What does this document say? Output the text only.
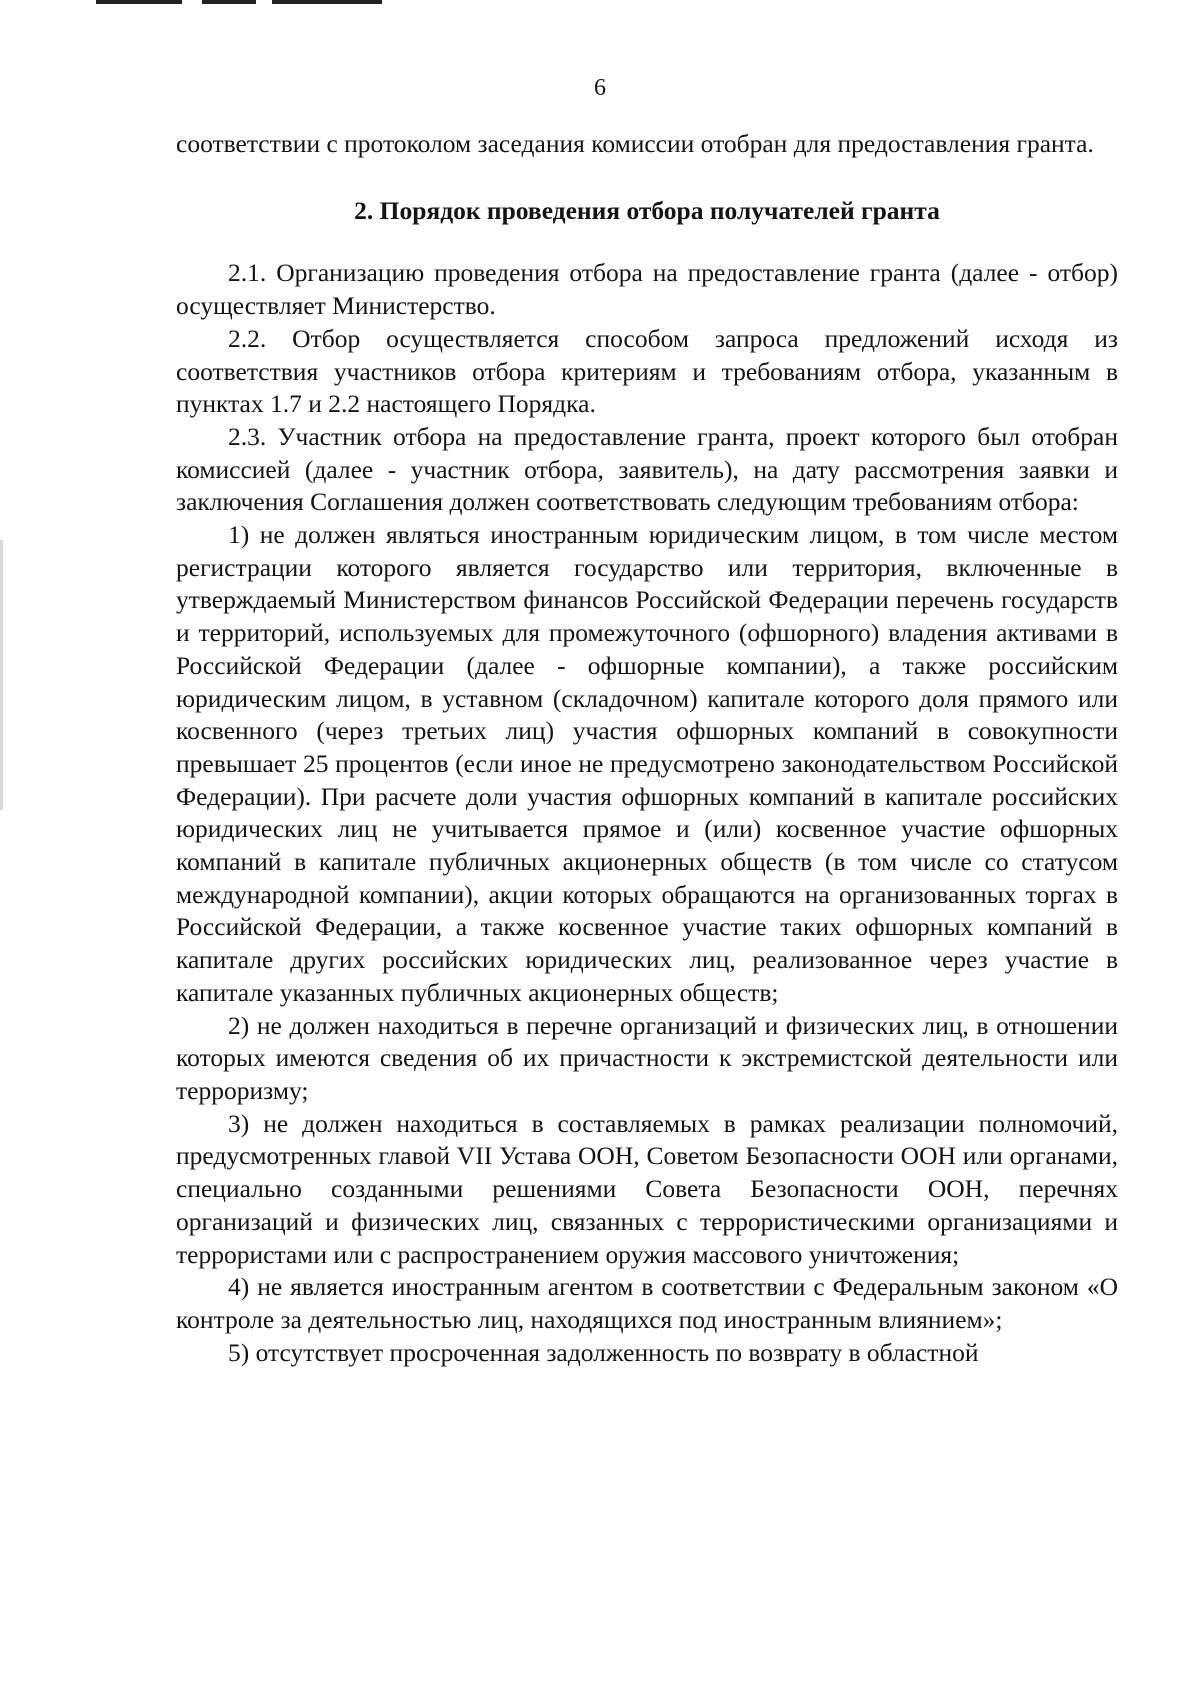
6

соответствии с протоколом заседания комиссии отобран для предоставления гранта.

2. Порядок проведения отбора получателей гранта

2.1. Организацию проведения отбора на предоставление гранта (далее - отбор) осуществляет Министерство.

2.2. Отбор осуществляется способом запроса предложений исходя из соответствия участников отбора критериям и требованиям отбора, указанным в пунктах 1.7 и 2.2 настоящего Порядка.

2.3. Участник отбора на предоставление гранта, проект которого был отобран комиссией (далее - участник отбора, заявитель), на дату рассмотрения заявки и заключения Соглашения должен соответствовать следующим требованиям отбора:

1) не должен являться иностранным юридическим лицом, в том числе местом регистрации которого является государство или территория, включенные в утверждаемый Министерством финансов Российской Федерации перечень государств и территорий, используемых для промежуточного (офшорного) владения активами в Российской Федерации (далее - офшорные компании), а также российским юридическим лицом, в уставном (складочном) капитале которого доля прямого или косвенного (через третьих лиц) участия офшорных компаний в совокупности превышает 25 процентов (если иное не предусмотрено законодательством Российской Федерации). При расчете доли участия офшорных компаний в капитале российских юридических лиц не учитывается прямое и (или) косвенное участие офшорных компаний в капитале публичных акционерных обществ (в том числе со статусом международной компании), акции которых обращаются на организованных торгах в Российской Федерации, а также косвенное участие таких офшорных компаний в капитале других российских юридических лиц, реализованное через участие в капитале указанных публичных акционерных обществ;

2) не должен находиться в перечне организаций и физических лиц, в отношении которых имеются сведения об их причастности к экстремистской деятельности или терроризму;

3) не должен находиться в составляемых в рамках реализации полномочий, предусмотренных главой VII Устава ООН, Советом Безопасности ООН или органами, специально созданными решениями Совета Безопасности ООН, перечнях организаций и физических лиц, связанных с террористическими организациями и террористами или с распространением оружия массового уничтожения;

4) не является иностранным агентом в соответствии с Федеральным законом «О контроле за деятельностью лиц, находящихся под иностранным влиянием»;

5) отсутствует просроченная задолженность по возврату в областной
